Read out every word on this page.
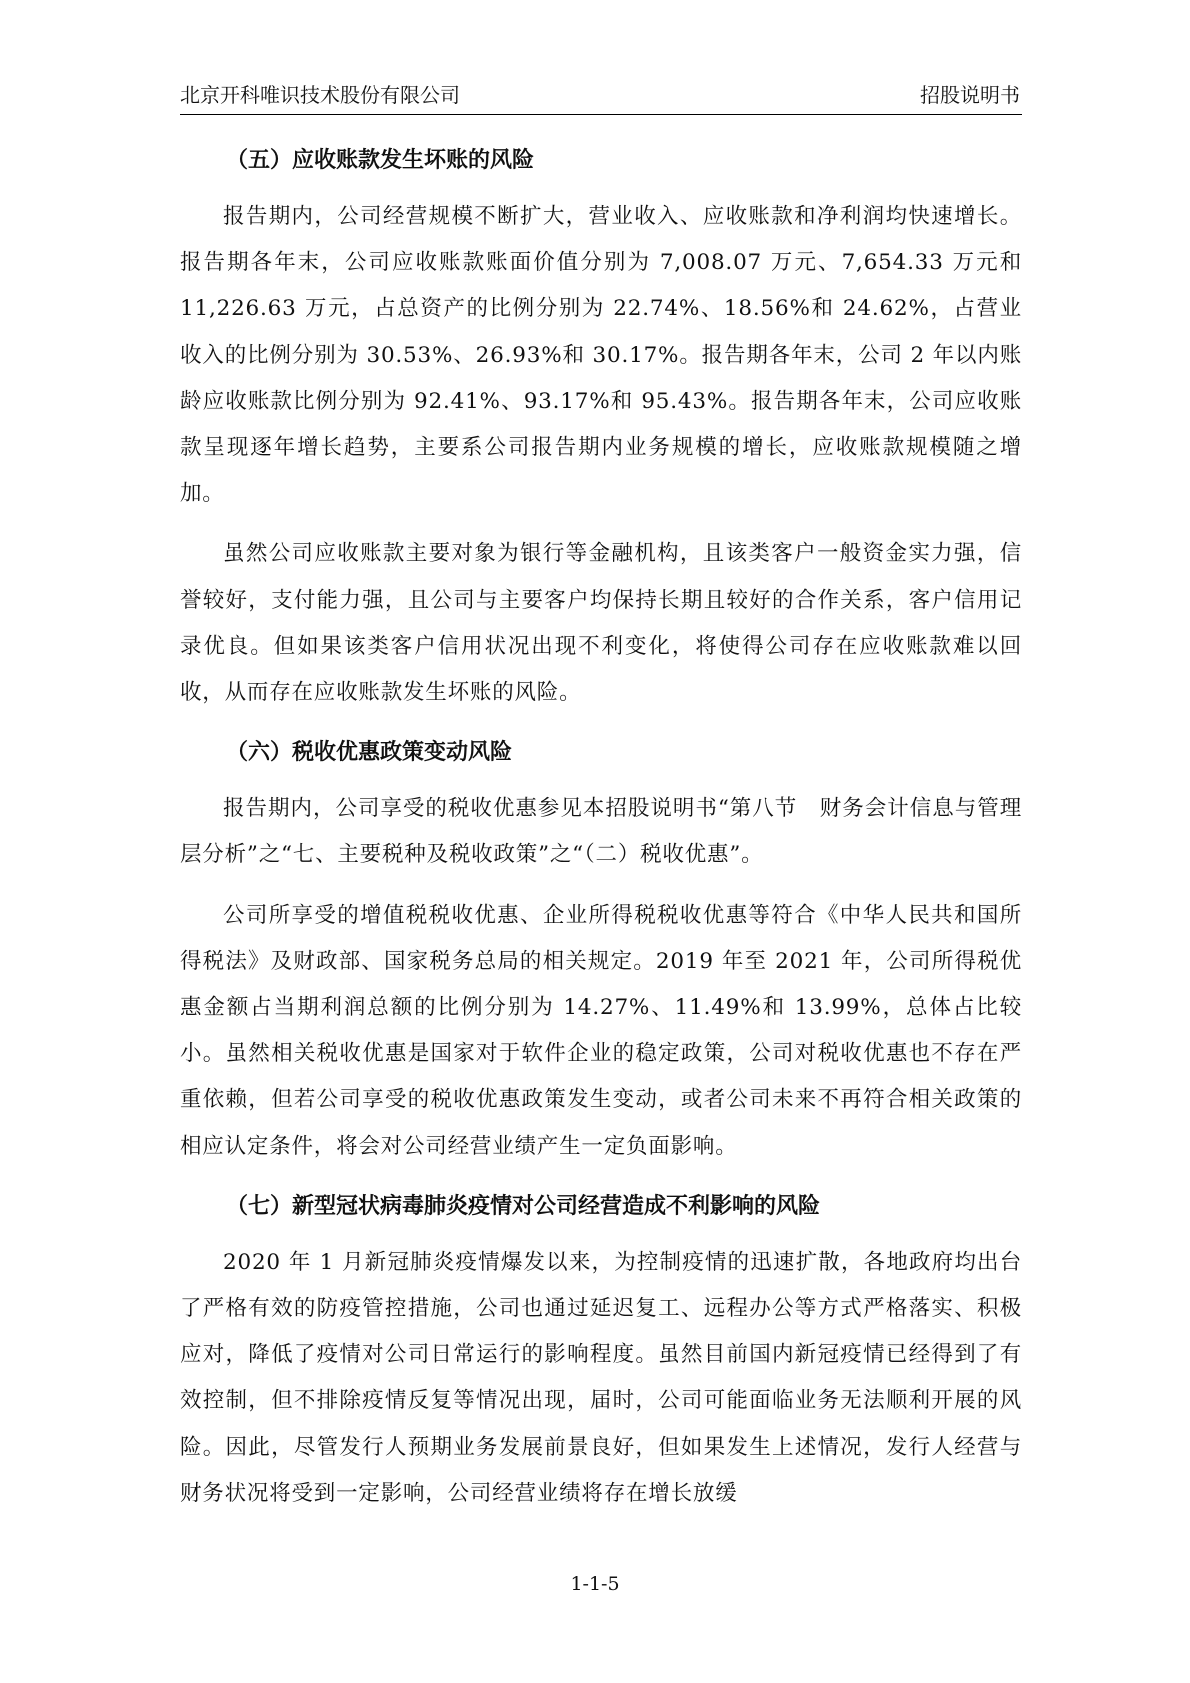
北京开科唯识技术股份有限公司	招股说明书
（五）应收账款发生坏账的风险

报告期内，公司经营规模不断扩大，营业收入、应收账款和净利润均快速增长。报告期各年末，公司应收账款账面价值分别为 7,008.07 万元、7,654.33 万元和 11,226.63 万元，占总资产的比例分别为 22.74%、18.56%和 24.62%，占营业收入的比例分别为 30.53%、26.93%和 30.17%。报告期各年末，公司 2 年以内账龄应收账款比例分别为 92.41%、93.17%和 95.43%。报告期各年末，公司应收账款呈现逐年增长趋势，主要系公司报告期内业务规模的增长，应收账款规模随之增加。

虽然公司应收账款主要对象为银行等金融机构，且该类客户一般资金实力强，信誉较好，支付能力强，且公司与主要客户均保持长期且较好的合作关系，客户信用记录优良。但如果该类客户信用状况出现不利变化，将使得公司存在应收账款难以回收，从而存在应收账款发生坏账的风险。

（六）税收优惠政策变动风险

报告期内，公司享受的税收优惠参见本招股说明书“第八节　财务会计信息与管理层分析”之“七、主要税种及税收政策”之“（二）税收优惠”。

公司所享受的增值税税收优惠、企业所得税税收优惠等符合《中华人民共和国所得税法》及财政部、国家税务总局的相关规定。2019 年至 2021 年，公司所得税优惠金额占当期利润总额的比例分别为 14.27%、11.49%和 13.99%，总体占比较小。虽然相关税收优惠是国家对于软件企业的稳定政策，公司对税收优惠也不存在严重依赖，但若公司享受的税收优惠政策发生变动，或者公司未来不再符合相关政策的相应认定条件，将会对公司经营业绩产生一定负面影响。

（七）新型冠状病毒肺炎疫情对公司经营造成不利影响的风险

2020 年 1 月新冠肺炎疫情爆发以来，为控制疫情的迅速扩散，各地政府均出台了严格有效的防疫管控措施，公司也通过延迟复工、远程办公等方式严格落实、积极应对，降低了疫情对公司日常运行的影响程度。虽然目前国内新冠疫情已经得到了有效控制，但不排除疫情反复等情况出现，届时，公司可能面临业务无法顺利开展的风险。因此，尽管发行人预期业务发展前景良好，但如果发生上述情况，发行人经营与财务状况将受到一定影响，公司经营业绩将存在增长放缓

1-1-5
